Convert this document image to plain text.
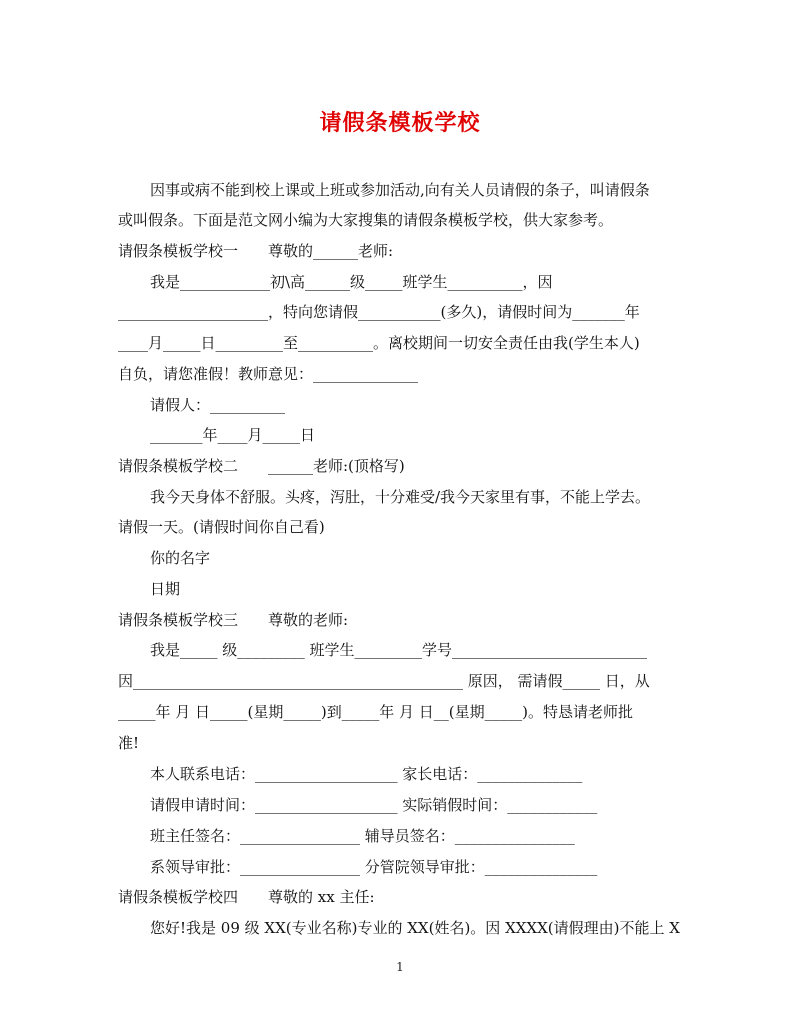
请假条模板学校
因事或病不能到校上课或上班或参加活动,向有关人员请假的条子，叫请假条
或叫假条。下面是范文网小编为大家搜集的请假条模板学校，供大家参考。
请假条模板学校一　　尊敬的______老师:
我是____________初\高______级_____班学生__________，因
____________________，特向您请假___________(多久)，请假时间为_______年
____月_____日_________至__________。离校期间一切安全责任由我(学生本人)
自负，请您准假！教师意见：______________
请假人：__________
_______年____月_____日
请假条模板学校二　　______老师:(顶格写)
我今天身体不舒服。头疼，泻肚，十分难受/我今天家里有事，不能上学去。
请假一天。(请假时间你自己看)
你的名字
日期
请假条模板学校三　　尊敬的老师:
我是_____ 级_________ 班学生_________学号__________________________
因____________________________________________ 原因， 需请假_____ 日，从
_____年 月 日_____(星期_____)到_____年 月 日__(星期_____)。特恳请老师批
准!
本人联系电话：___________________ 家长电话：______________
请假申请时间：___________________ 实际销假时间：____________
班主任签名：________________ 辅导员签名：________________
系领导审批：________________ 分管院领导审批：_______________
请假条模板学校四　　尊敬的 xx 主任:
您好!我是 09 级 XX(专业名称)专业的 XX(姓名)。因 XXXX(请假理由)不能上 X
1
